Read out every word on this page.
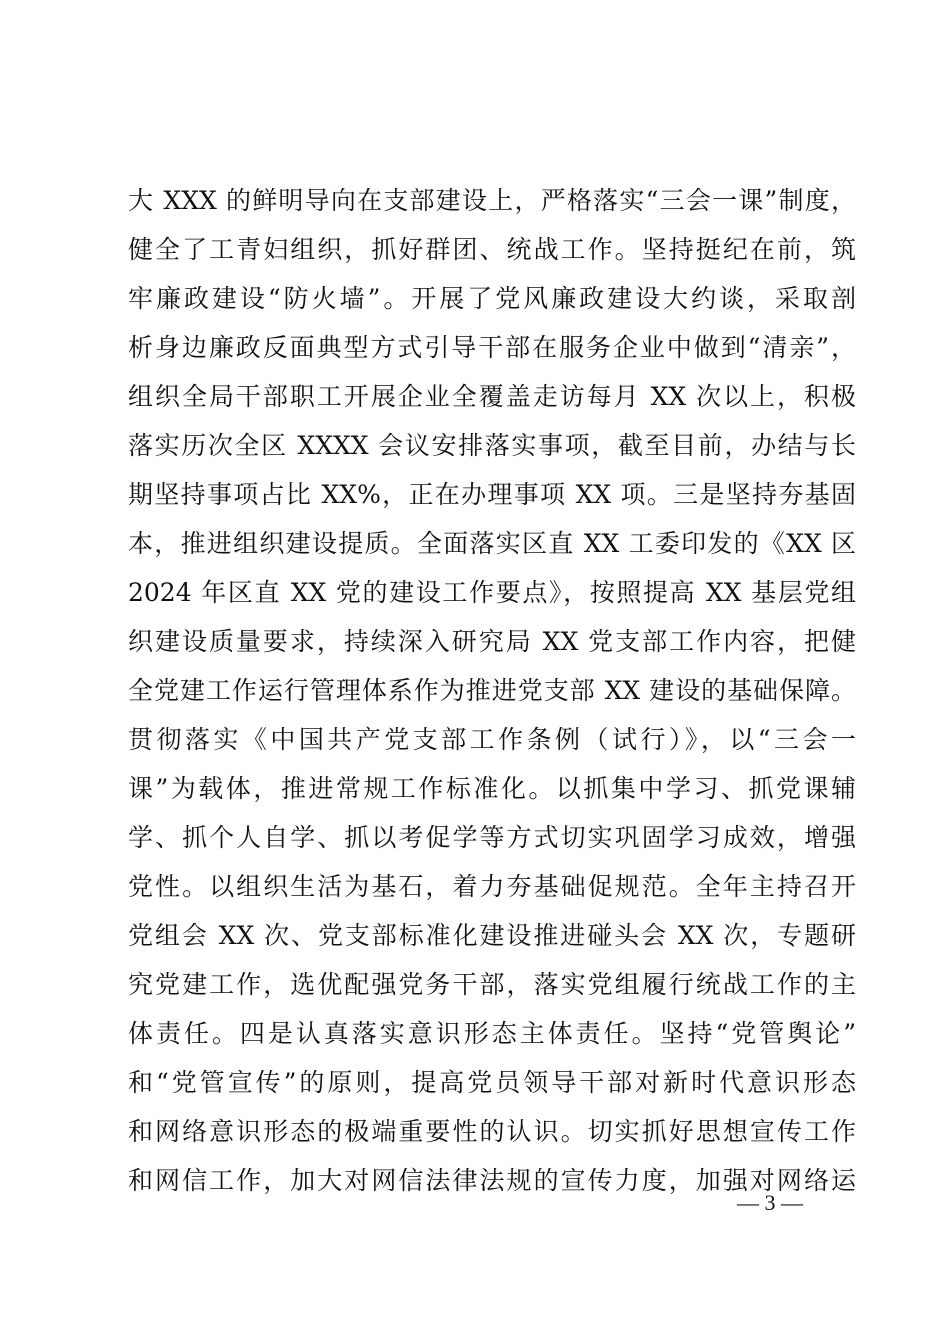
大 XXX 的鲜明导向在支部建设上，严格落实“三会一课”制度，
健全了工青妇组织，抓好群团、统战工作。坚持挺纪在前，筑
牢廉政建设“防火墙”。开展了党风廉政建设大约谈，采取剖
析身边廉政反面典型方式引导干部在服务企业中做到“清亲”，
组织全局干部职工开展企业全覆盖走访每月 XX 次以上，积极
落实历次全区 XXXX 会议安排落实事项，截至目前，办结与长
期坚持事项占比 XX%，正在办理事项 XX 项。三是坚持夯基固
本，推进组织建设提质。全面落实区直 XX 工委印发的《XX 区
2024 年区直 XX 党的建设工作要点》，按照提高 XX 基层党组
织建设质量要求，持续深入研究局 XX 党支部工作内容，把健
全党建工作运行管理体系作为推进党支部 XX 建设的基础保障。
贯彻落实《中国共产党支部工作条例（试行）》，以“三会一
课”为载体，推进常规工作标准化。以抓集中学习、抓党课辅
学、抓个人自学、抓以考促学等方式切实巩固学习成效，增强
党性。以组织生活为基石，着力夯基础促规范。全年主持召开
党组会 XX 次、党支部标准化建设推进碰头会 XX 次，专题研
究党建工作，选优配强党务干部，落实党组履行统战工作的主
体责任。四是认真落实意识形态主体责任。坚持“党管舆论”
和“党管宣传”的原则，提高党员领导干部对新时代意识形态
和网络意识形态的极端重要性的认识。切实抓好思想宣传工作
和网信工作，加大对网信法律法规的宣传力度，加强对网络运
— 3 —
